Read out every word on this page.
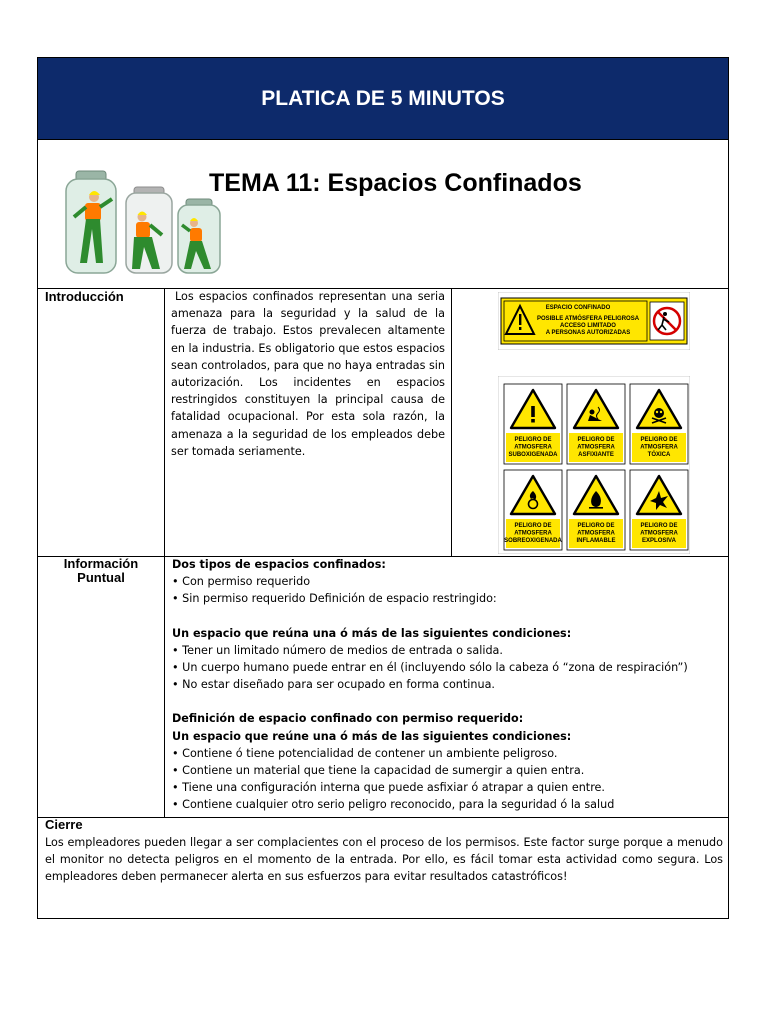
PLATICA DE 5 MINUTOS
TEMA 11: Espacios Confinados
Introducción	Los espacios confinados representan una seria amenaza para la seguridad y la salud de la fuerza de trabajo. Estos prevalecen altamente en la industria. Es obligatorio que estos espacios sean controlados, para que no haya entradas sin autorización. Los incidentes en espacios restringidos constituyen la principal causa de fatalidad ocupacional. Por esta sola razón, la amenaza a la seguridad de los empleados debe ser tomada seriamente.
ESPACIO CONFINADO
POSIBLE ATMÓSFERA PELIGROSA
ACCESO LIMITADO
A PERSONAS AUTORIZADAS
PELIGRO DE
ATMOSFERA
SUBOXIGENADA
PELIGRO DE
ATMOSFERA
ASFIXIANTE
PELIGRO DE
ATMOSFERA
TÓXICA
PELIGRO DE
ATMOSFERA
SOBREOXIGENADA
PELIGRO DE
ATMOSFERA
INFLAMABLE
PELIGRO DE
ATMOSFERA
EXPLOSIVA
Información
Puntual
Dos tipos de espacios confinados:
• Con permiso requerido
• Sin permiso requerido Definición de espacio restringido:
Un espacio que reúna una ó más de las siguientes condiciones:
• Tener un limitado número de medios de entrada o salida.
• Un cuerpo humano puede entrar en él (incluyendo sólo la cabeza ó “zona de respiración”)
• No estar diseñado para ser ocupado en forma continua.
Definición de espacio confinado con permiso requerido:
Un espacio que reúne una ó más de las siguientes condiciones:
• Contiene ó tiene potencialidad de contener un ambiente peligroso.
• Contiene un material que tiene la capacidad de sumergir a quien entra.
• Tiene una configuración interna que puede asfixiar ó atrapar a quien entre.
• Contiene cualquier otro serio peligro reconocido, para la seguridad ó la salud
Cierre
Los empleadores pueden llegar a ser complacientes con el proceso de los permisos. Este factor surge porque a menudo el monitor no detecta peligros en el momento de la entrada. Por ello, es fácil tomar esta actividad como segura. Los empleadores deben permanecer alerta en sus esfuerzos para evitar resultados catastróficos!
